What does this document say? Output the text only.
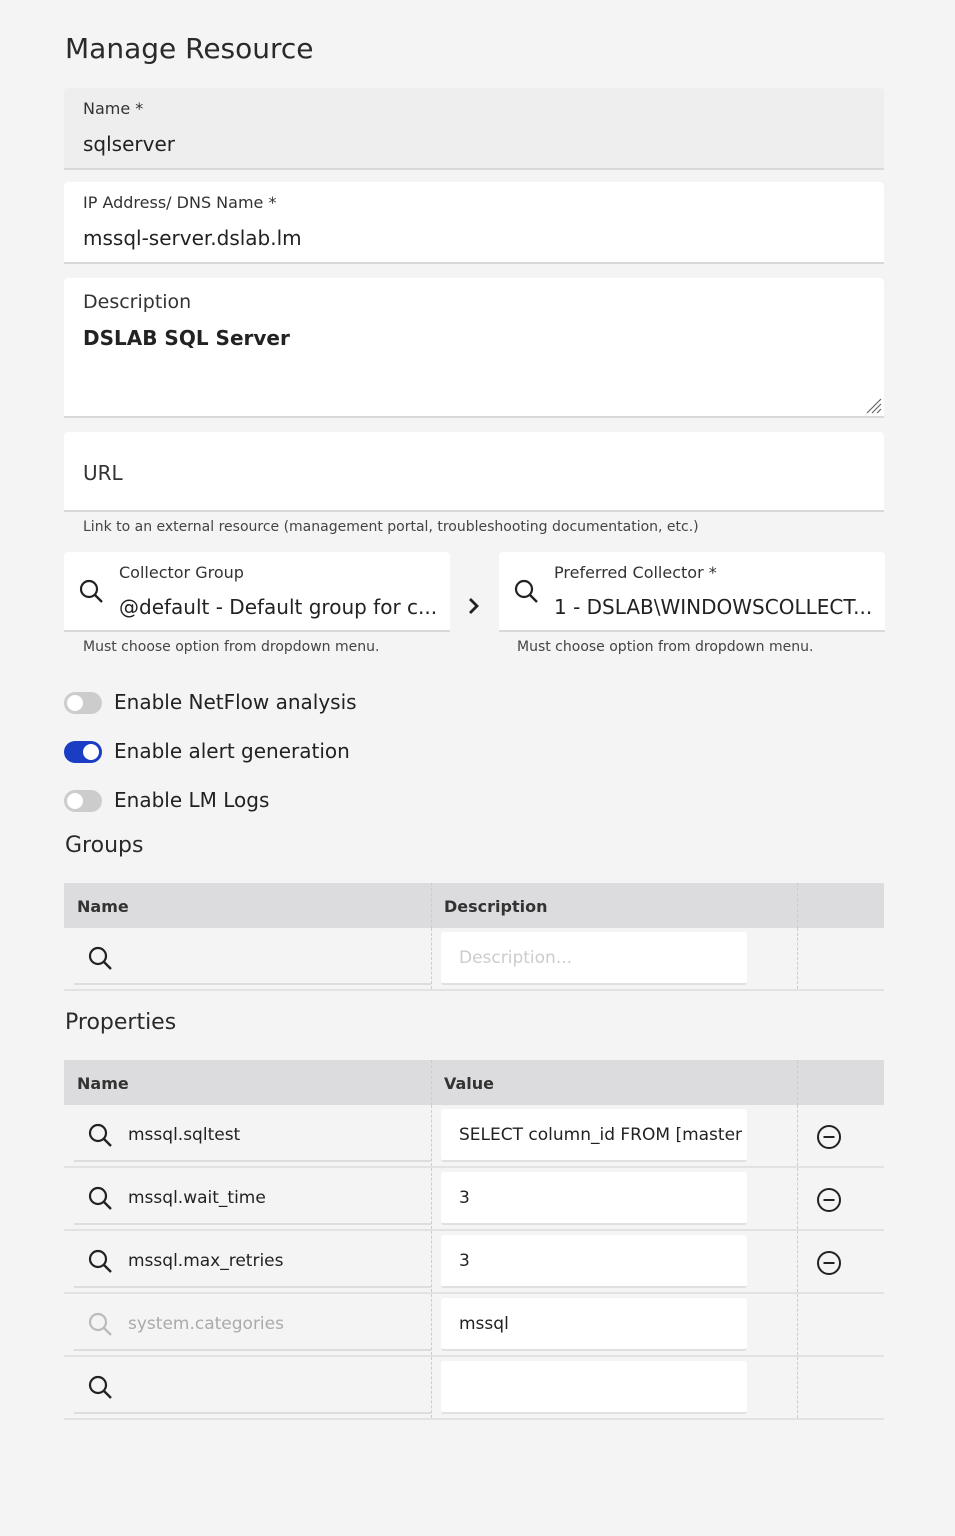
Manage Resource
Name *
sqlserver
IP Address/ DNS Name *
mssql-server.dslab.lm
Description
DSLAB SQL Server
URL
Link to an external resource (management portal, troubleshooting documentation, etc.)
Collector Group
@default - Default group for c...
Preferred Collector *
1 - DSLAB\WINDOWSCOLLECT...
Must choose option from dropdown menu.	Must choose option from dropdown menu.
Enable NetFlow analysis
Enable alert generation
Enable LM Logs
Groups
Name	Description
Description...
Properties
Name	Value
mssql.sqltest	SELECT column_id FROM [master
mssql.wait_time	3
mssql.max_retries	3
system.categories	mssql
